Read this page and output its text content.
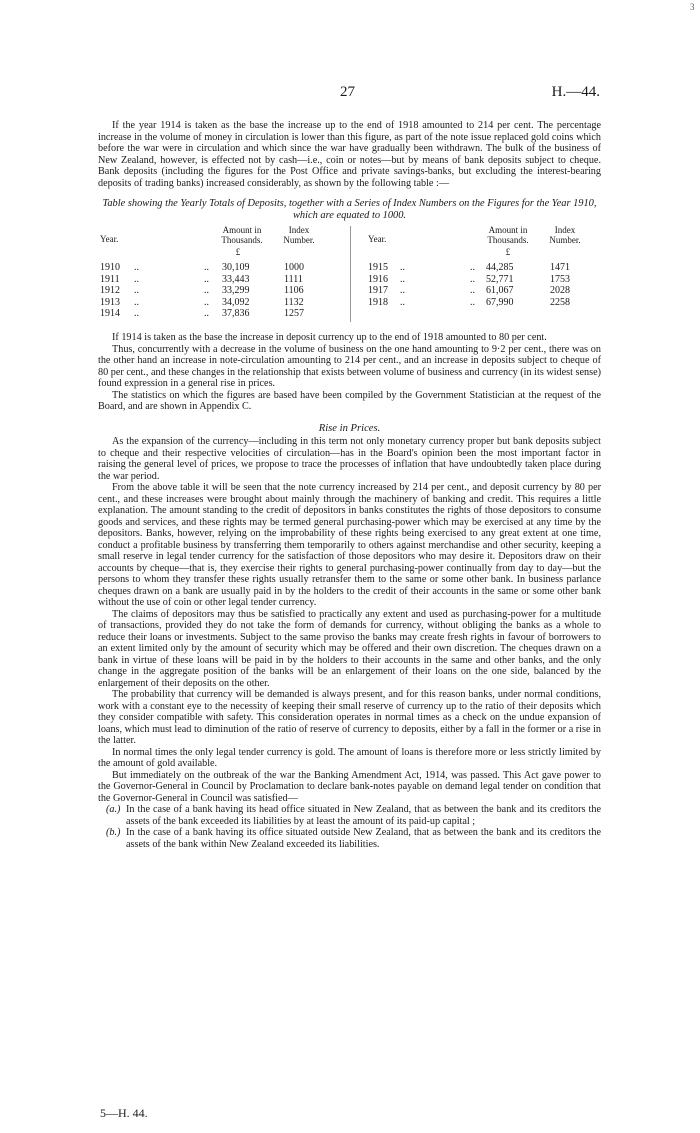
3
27	H.—44.

If the year 1914 is taken as the base the increase up to the end of 1918 amounted to 214 per cent. The percentage increase in the volume of money in circulation is lower than this figure, as part of the note issue replaced gold coins which before the war were in circulation and which since the war have gradually been withdrawn. The bulk of the business of New Zealand, however, is effected not by cash—i.e., coin or notes—but by means of bank deposits subject to cheque. Bank deposits (including the figures for the Post Office and private savings-banks, but excluding the interest-bearing deposits of trading banks) increased considerably, as shown by the following table :—

Table showing the Yearly Totals of Deposits, together with a Series of Index Numbers on the Figures for the Year 1910, which are equated to 1000.
Year.
Amount in Thousands.
Index Number.
£
1910 ..	.. 30,109	1000
1911 ..	.. 33,443	1111
1912 ..	.. 33,299	1106
1913 ..	.. 34,092	1132
1914 ..	.. 37,836	1257
Year.
Amount in Thousands.
Index Number.
£
1915 ..	.. 44,285	1471
1916 ..	.. 52,771	1753
1917 ..	.. 61,067	2028
1918 ..	.. 67,990	2258

If 1914 is taken as the base the increase in deposit currency up to the end of 1918 amounted to 80 per cent.

Thus, concurrently with a decrease in the volume of business on the one hand amounting to 9·2 per cent., there was on the other hand an increase in note-circulation amounting to 214 per cent., and an increase in deposits subject to cheque of 80 per cent., and these changes in the relationship that exists between volume of business and currency (in its widest sense) found expression in a general rise in prices.

The statistics on which the figures are based have been compiled by the Government Statistician at the request of the Board, and are shown in Appendix C.

Rise in Prices.

As the expansion of the currency—including in this term not only monetary currency proper but bank deposits subject to cheque and their respective velocities of circulation—has in the Board's opinion been the most important factor in raising the general level of prices, we propose to trace the processes of inflation that have undoubtedly taken place during the war period.

From the above table it will be seen that the note currency increased by 214 per cent., and deposit currency by 80 per cent., and these increases were brought about mainly through the machinery of banking and credit. This requires a little explanation. The amount standing to the credit of depositors in banks constitutes the rights of those depositors to consume goods and services, and these rights may be termed general purchasing-power which may be exercised at any time by the depositors. Banks, however, relying on the improbability of these rights being exercised to any great extent at one time, conduct a profitable business by transferring them temporarily to others against merchandise and other security, keeping a small reserve in legal tender currency for the satisfaction of those depositors who may desire it. Depositors draw on their accounts by cheque—that is, they exercise their rights to general purchasing-power continually from day to day—but the persons to whom they transfer these rights usually retransfer them to the same or some other bank. In business parlance cheques drawn on a bank are usually paid in by the holders to the credit of their accounts in the same or some other bank without the use of coin or other legal tender currency.

The claims of depositors may thus be satisfied to practically any extent and used as purchasing-power for a multitude of transactions, provided they do not take the form of demands for currency, without obliging the banks as a whole to reduce their loans or investments. Subject to the same proviso the banks may create fresh rights in favour of borrowers to an extent limited only by the amount of security which may be offered and their own discretion. The cheques drawn on a bank in virtue of these loans will be paid in by the holders to their accounts in the same and other banks, and the only change in the aggregate position of the banks will be an enlargement of their loans on the one side, balanced by the enlargement of their deposits on the other.

The probability that currency will be demanded is always present, and for this reason banks, under normal conditions, work with a constant eye to the necessity of keeping their small reserve of currency up to the ratio of their deposits which they consider compatible with safety. This consideration operates in normal times as a check on the undue expansion of loans, which must lead to diminution of the ratio of reserve of currency to deposits, either by a fall in the former or a rise in the latter.

In normal times the only legal tender currency is gold. The amount of loans is therefore more or less strictly limited by the amount of gold available.

But immediately on the outbreak of the war the Banking Amendment Act, 1914, was passed. This Act gave power to the Governor-General in Council by Proclamation to declare bank-notes payable on demand legal tender on condition that the Governor-General in Council was satisfied—

(a.) In the case of a bank having its head office situated in New Zealand, that as between the bank and its creditors the assets of the bank exceeded its liabilities by at least the amount of its paid-up capital ;

(b.) In the case of a bank having its office situated outside New Zealand, that as between the bank and its creditors the assets of the bank within New Zealand exceeded its liabilities.

5—H. 44.
